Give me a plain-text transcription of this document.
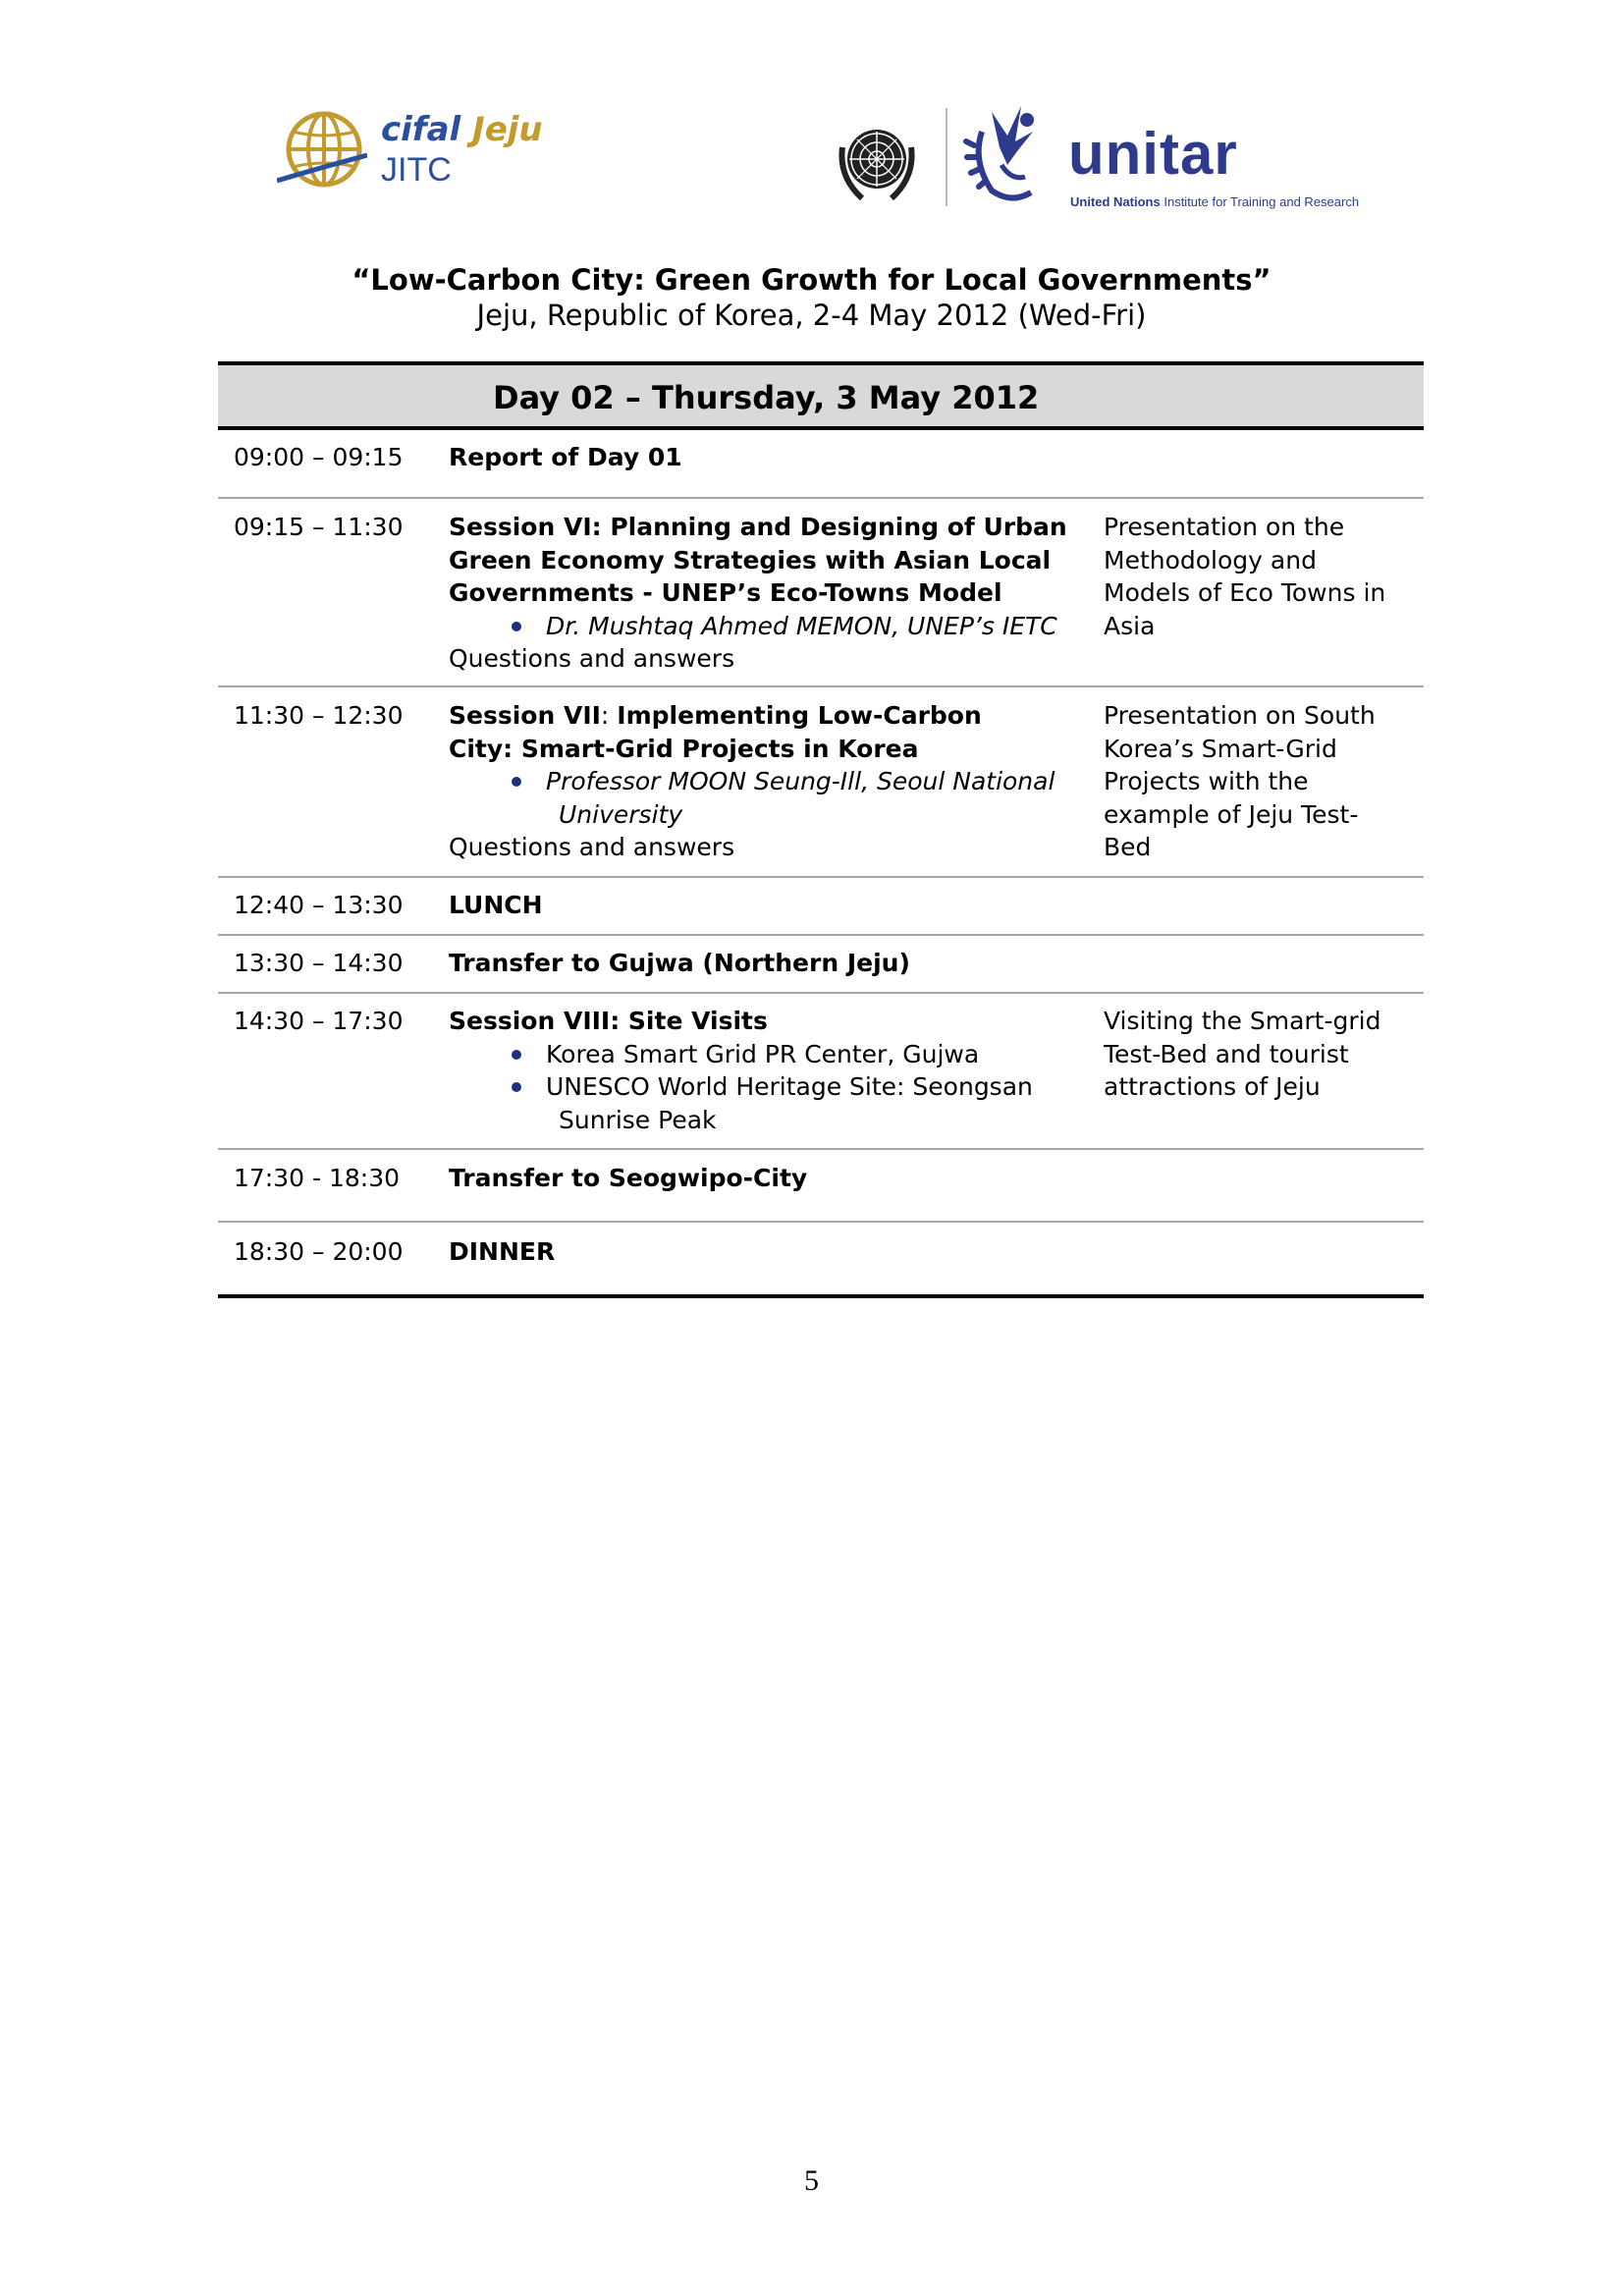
cifal Jeju
JITC	unitar
United Nations Institute for Training and Research
“Low-Carbon City: Green Growth for Local Governments”
Jeju, Republic of Korea, 2-4 May 2012 (Wed-Fri)
Day 02 – Thursday, 3 May 2012
09:00 – 09:15 Report of Day 01
09:15 – 11:30 Session VI: Planning and Designing of Urban
Green Economy Strategies with Asian Local
Governments - UNEP’s Eco-Towns Model
Dr. Mushtaq Ahmed MEMON, UNEP’s IETC
Questions and answers
Presentation on the
Methodology and
Models of Eco Towns in
Asia
11:30 – 12:30 Session VII: Implementing Low-Carbon
City: Smart-Grid Projects in Korea
Professor MOON Seung-Ill, Seoul National
University
Questions and answers
Presentation on South
Korea’s Smart-Grid
Projects with the
example of Jeju Test-
Bed
12:40 – 13:30 LUNCH
13:30 – 14:30 Transfer to Gujwa (Northern Jeju)
14:30 – 17:30 Session VIII: Site Visits
Korea Smart Grid PR Center, Gujwa
UNESCO World Heritage Site: Seongsan
Sunrise Peak
Visiting the Smart-grid
Test-Bed and tourist
attractions of Jeju
17:30 - 18:30 Transfer to Seogwipo-City
18:30 – 20:00 DINNER
5
